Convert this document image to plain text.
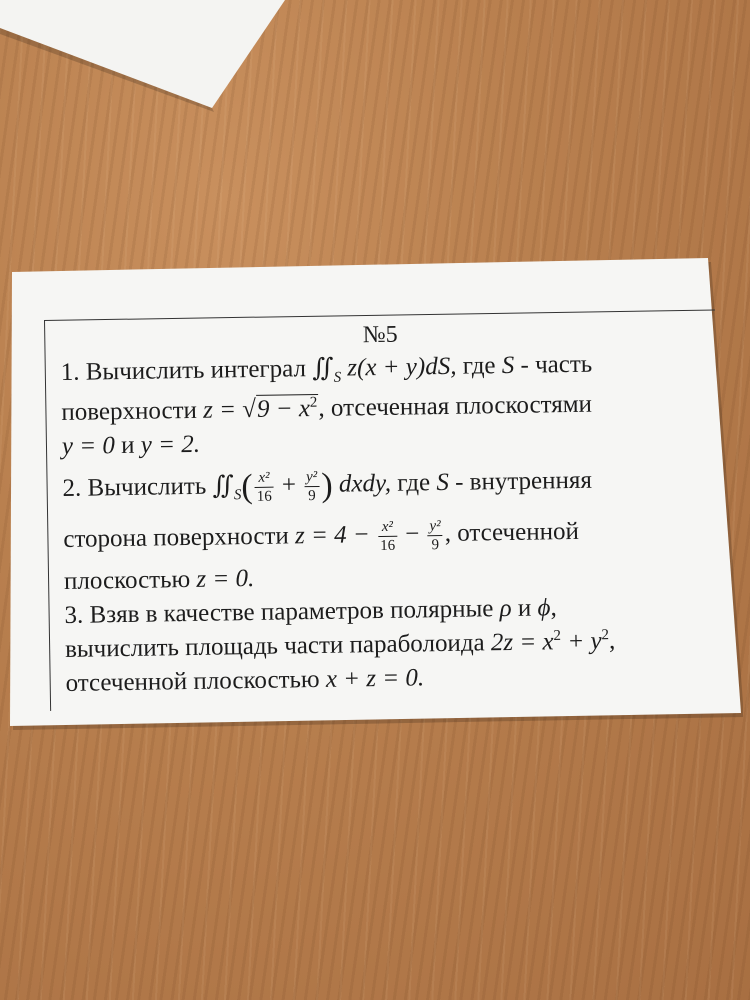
№5
1. Вычислить интеграл $∬_S$ z(x + y)dS, где S - часть
поверхности $z = √9 - x^2$, отсеченная плоскостями
y = 0 и y = 2.
2. Вычислить $∬_S( \frac{\text{x²}}{16} + \frac{\text{y²}}{9}$ ) dxdy, где S - внутренняя
сторона поверхности $z = 4 - \frac{\text{x²}}{16} - \frac{\text{y²}}{9}$ , отсеченной
плоскостью z = 0.
3. Взяв в качестве параметров полярные ρ и ϕ,
вычислить площадь части параболоида $2z = x^2 + y^2$,
отсеченной плоскостью x + z = 0.
